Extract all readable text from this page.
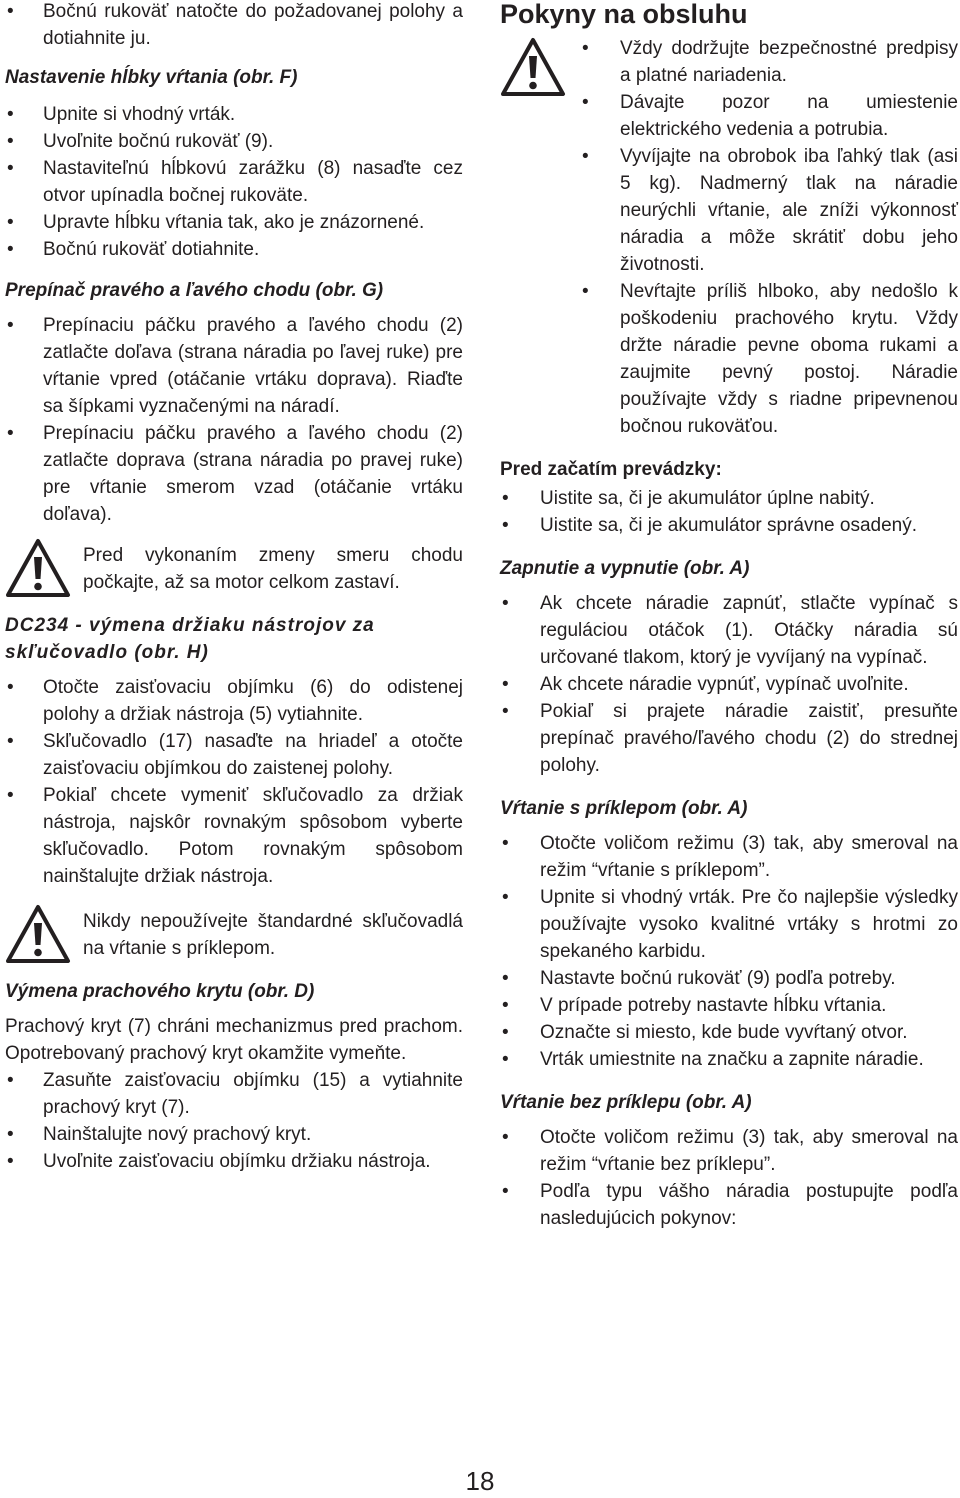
• Bočnú rukoväť natočte do požadovanej polohy a dotiahnite ju.
Nastavenie hĺbky vŕtania (obr. F)
• Upnite si vhodný vrták.
• Uvoľnite bočnú rukoväť (9).
• Nastaviteľnú hĺbkovú zarážku (8) nasaďte cez otvor upínadla bočnej rukoväte.
• Upravte hĺbku vŕtania tak, ako je znázornené.
• Bočnú rukoväť dotiahnite.
Prepínač pravého a ľavého chodu (obr. G)
• Prepínaciu páčku pravého a ľavého chodu (2) zatlačte doľava (strana náradia po ľavej ruke) pre vŕtanie vpred (otáčanie vrtáku doprava). Riaďte sa šípkami vyznačenými na náradí.
• Prepínaciu páčku pravého a ľavého chodu (2) zatlačte doprava (strana náradia po pravej ruke) pre vŕtanie smerom vzad (otáčanie vrtáku doľava).
Pred vykonaním zmeny smeru chodu počkajte, až sa motor celkom zastaví.
DC234 - výmena držiaku nástrojov za skľučovadlo (obr. H)
• Otočte zaisťovaciu objímku (6) do odistenej polohy a držiak nástroja (5) vytiahnite.
• Skľučovadlo (17) nasaďte na hriadeľ a otočte zaisťovaciu objímkou do zaistenej polohy.
• Pokiaľ chcete vymeniť skľučovadlo za držiak nástroja, najskôr rovnakým spôsobom vyberte skľučovadlo. Potom rovnakým spôsobom nainštalujte držiak nástroja.
Nikdy nepoužívejte štandardné skľučovadlá na vŕtanie s príklepom.
Výmena prachového krytu (obr. D)

Prachový kryt (7) chráni mechanizmus pred prachom. Opotrebovaný prachový kryt okamžite vymeňte.

• Zasuňte zaisťovaciu objímku (15) a vytiahnite prachový kryt (7).
• Nainštalujte nový prachový kryt.
• Uvoľnite zaisťovaciu objímku držiaku nástroja.
Pokyny na obsluhu
• Vždy dodržujte bezpečnostné predpisy a platné nariadenia.
• Dávajte pozor na umiestenie elektrického vedenia a potrubia.
• Vyvíjajte na obrobok iba ľahký tlak (asi 5 kg). Nadmerný tlak na náradie neurýchli vŕtanie, ale zníži výkonnosť náradia a môže skrátiť dobu jeho životnosti.
• Nevŕtajte príliš hlboko, aby nedošlo k poškodeniu prachového krytu. Vždy držte náradie pevne oboma rukami a zaujmite pevný postoj. Náradie používajte vždy s riadne pripevnenou bočnou rukoväťou.
Pred začatím prevádzky:
• Uistite sa, či je akumulátor úplne nabitý.
• Uistite sa, či je akumulátor správne osadený.
Zapnutie a vypnutie (obr. A)
• Ak chcete náradie zapnúť, stlačte vypínač s reguláciou otáčok (1). Otáčky náradia sú určované tlakom, ktorý je vyvíjaný na vypínač.
• Ak chcete náradie vypnúť, vypínač uvoľnite.
• Pokiaľ si prajete náradie zaistiť, presuňte prepínač pravého/ľavého chodu (2) do strednej polohy.
Vŕtanie s príklepom (obr. A)
• Otočte voličom režimu (3) tak, aby smeroval na režim “vŕtanie s príklepom”.
• Upnite si vhodný vrták. Pre čo najlepšie výsledky používajte vysoko kvalitné vrtáky s hrotmi zo spekaného karbidu.
• Nastavte bočnú rukoväť (9) podľa potreby.
• V prípade potreby nastavte hĺbku vŕtania.
• Označte si miesto, kde bude vyvŕtaný otvor.
• Vrták umiestnite na značku a zapnite náradie.
Vŕtanie bez príklepu (obr. A)
• Otočte voličom režimu (3) tak, aby smeroval na režim “vŕtanie bez príklepu”.
• Podľa typu vášho náradia postupujte podľa nasledujúcich pokynov:
18
